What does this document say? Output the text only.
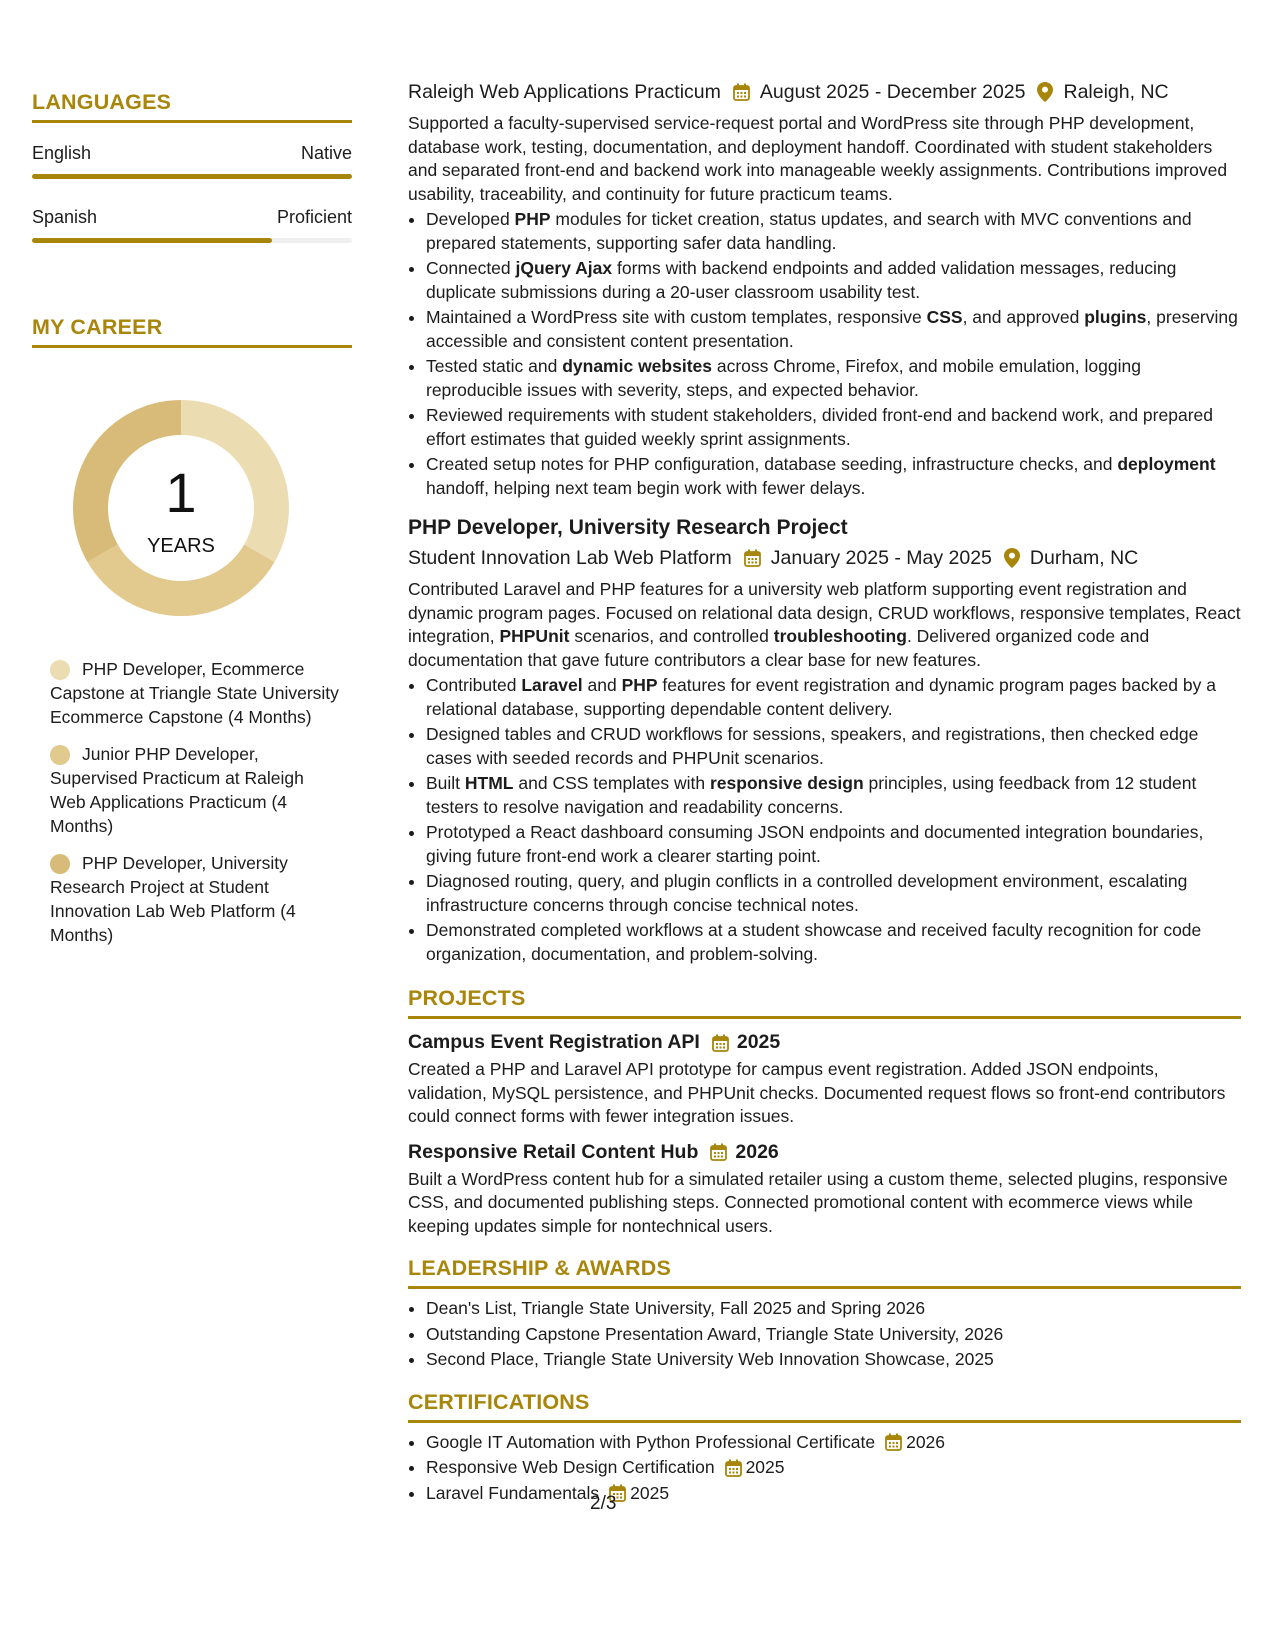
LANGUAGES
English	Native
Spanish	Proficient
MY CAREER
1
YEARS
PHP Developer, Ecommerce Capstone at Triangle State University Ecommerce Capstone (4 Months)
Junior PHP Developer, Supervised Practicum at Raleigh Web Applications Practicum (4 Months)
PHP Developer, University Research Project at Student Innovation Lab Web Platform (4 Months)
Raleigh Web Applications Practicum August 2025 - December 2025 Raleigh, NC

Supported a faculty-supervised service-request portal and WordPress site through PHP development, database work, testing, documentation, and deployment handoff. Coordinated with student stakeholders and separated front-end and backend work into manageable weekly assignments. Contributions improved usability, traceability, and continuity for future practicum teams.

• Developed PHP modules for ticket creation, status updates, and search with MVC conventions and prepared statements, supporting safer data handling.
• Connected jQuery Ajax forms with backend endpoints and added validation messages, reducing duplicate submissions during a 20-user classroom usability test.
• Maintained a WordPress site with custom templates, responsive CSS, and approved plugins, preserving accessible and consistent content presentation.
• Tested static and dynamic websites across Chrome, Firefox, and mobile emulation, logging reproducible issues with severity, steps, and expected behavior.
• Reviewed requirements with student stakeholders, divided front-end and backend work, and prepared effort estimates that guided weekly sprint assignments.
• Created setup notes for PHP configuration, database seeding, infrastructure checks, and deployment handoff, helping next team begin work with fewer delays.
PHP Developer, University Research Project
Student Innovation Lab Web Platform January 2025 - May 2025 Durham, NC

Contributed Laravel and PHP features for a university web platform supporting event registration and dynamic program pages. Focused on relational data design, CRUD workflows, responsive templates, React integration, PHPUnit scenarios, and controlled troubleshooting. Delivered organized code and documentation that gave future contributors a clear base for new features.

• Contributed Laravel and PHP features for event registration and dynamic program pages backed by a relational database, supporting dependable content delivery.
• Designed tables and CRUD workflows for sessions, speakers, and registrations, then checked edge cases with seeded records and PHPUnit scenarios.
• Built HTML and CSS templates with responsive design principles, using feedback from 12 student testers to resolve navigation and readability concerns.
• Prototyped a React dashboard consuming JSON endpoints and documented integration boundaries, giving future front-end work a clearer starting point.
• Diagnosed routing, query, and plugin conflicts in a controlled development environment, escalating infrastructure concerns through concise technical notes.
• Demonstrated completed workflows at a student showcase and received faculty recognition for code organization, documentation, and problem-solving.
PROJECTS
Campus Event Registration API 2025

Created a PHP and Laravel API prototype for campus event registration. Added JSON endpoints, validation, MySQL persistence, and PHPUnit checks. Documented request flows so front-end contributors could connect forms with fewer integration issues.

Responsive Retail Content Hub 2026

Built a WordPress content hub for a simulated retailer using a custom theme, selected plugins, responsive CSS, and documented publishing steps. Connected promotional content with ecommerce views while keeping updates simple for nontechnical users.

LEADERSHIP & AWARDS
• Dean's List, Triangle State University, Fall 2025 and Spring 2026
• Outstanding Capstone Presentation Award, Triangle State University, 2026
• Second Place, Triangle State University Web Innovation Showcase, 2025
CERTIFICATIONS
• Google IT Automation with Python Professional Certificate 2026
• Responsive Web Design Certification 2025
• Laravel Fundamentals 2025
2/3
